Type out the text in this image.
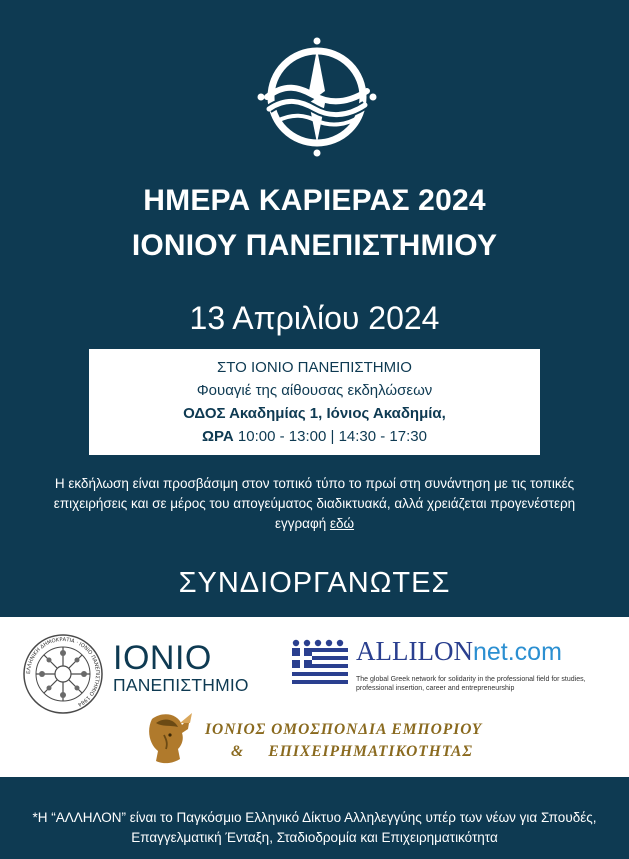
ΗΜΕΡΑ ΚΑΡΙΕΡΑΣ 2024
ΙΟΝΙΟΥ ΠΑΝΕΠΙΣΤΗΜΙΟΥ
13 Απριλίου 2024
ΣΤΟ ΙΟΝΙΟ ΠΑΝΕΠΙΣΤΗΜΙΟ
Φουαγιέ της αίθουσας εκδηλώσεων
ΟΔΟΣ Ακαδημίας 1, Ιόνιος Ακαδημία,
ΩΡΑ 10:00 - 13:00 | 14:30 - 17:30
Η εκδήλωση είναι προσβάσιμη στον τοπικό τύπο το πρωί στη συνάντηση με τις τοπικές επιχειρήσεις και σε μέρος του απογεύματος διαδικτυακά, αλλά χρειάζεται προγενέστερη εγγραφή εδώ
ΣΥΝΔΙΟΡΓΑΝΩΤΕΣ
ΕΛΛΗΝΙΚΗ ΔΗΜΟΚΡΑΤΙΑ · ΙΟΝΙΟ ΠΑΝΕΠΙΣΤΗΜΙΟ 1984
ΙΟΝΙΟ
ΠΑΝΕΠΙΣΤΗΜΙΟ
ALLILONnet.com
The global Greek network for solidarity in the professional field for studies, professional insertion, career and entrepreneurship
ΙΟΝΙΟΣ ΟΜΟΣΠΟΝΔΙΑ ΕΜΠΟΡΙΟΥ
&     ΕΠΙΧΕΙΡΗΜΑΤΙΚΟΤΗΤΑΣ
*Η “ΑΛΛΗΛΟΝ” είναι το Παγκόσμιο Ελληνικό Δίκτυο Αλληλεγγύης υπέρ των νέων για Σπουδές, Επαγγελματική Ένταξη, Σταδιοδρομία και Επιχειρηματικότητα
